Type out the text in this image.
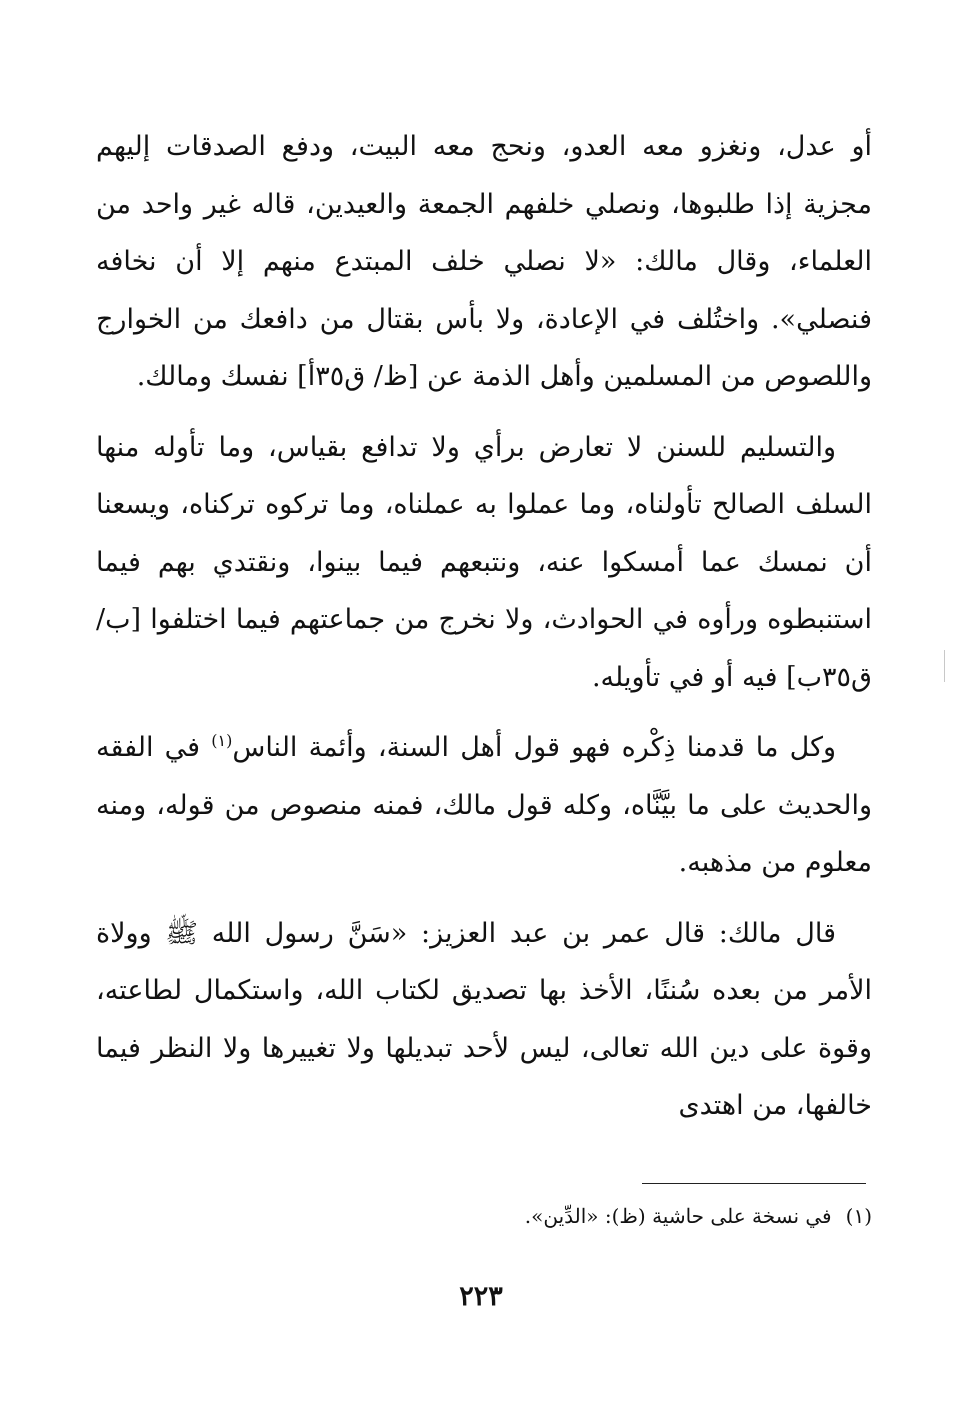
أو عدل، ونغزو معه العدو، ونحج معه البيت، ودفع الصدقات إليهم مجزية إذا طلبوها، ونصلي خلفهم الجمعة والعيدين، قاله غير واحد من العلماء، وقال مالك: «لا نصلي خلف المبتدع منهم إلا أن نخافه فنصلي». واختُلف في الإعادة، ولا بأس بقتال من دافعك من الخوارج واللصوص من المسلمين وأهل الذمة عن [ظ/ ق٣٥أ] نفسك ومالك.

والتسليم للسنن لا تعارض برأي ولا تدافع بقياس، وما تأوله منها السلف الصالح تأولناه، وما عملوا به عملناه، وما تركوه تركناه، ويسعنا أن نمسك عما أمسكوا عنه، ونتبعهم فيما بينوا، ونقتدي بهم فيما استنبطوه ورأوه في الحوادث، ولا نخرج من جماعتهم فيما اختلفوا [ب/ ق٣٥ب] فيه أو في تأويله.

وكل ما قدمنا ذِكْره فهو قول أهل السنة، وأئمة الناس$^{(١)}$ في الفقه والحديث على ما بيَّنَّاه، وكله قول مالك، فمنه منصوص من قوله، ومنه معلوم من مذهبه.

قال مالك: قال عمر بن عبد العزيز: «سَنَّ رسول الله ﷺ وولاة الأمر من بعده سُننًا، الأخذ بها تصديق لكتاب الله، واستكمال لطاعته، وقوة على دين الله تعالى، ليس لأحد تبديلها ولا تغييرها ولا النظر فيما خالفها، من اهتدى

(١)في نسخة على حاشية (ظ): «الدِّين».
٢٢٣
